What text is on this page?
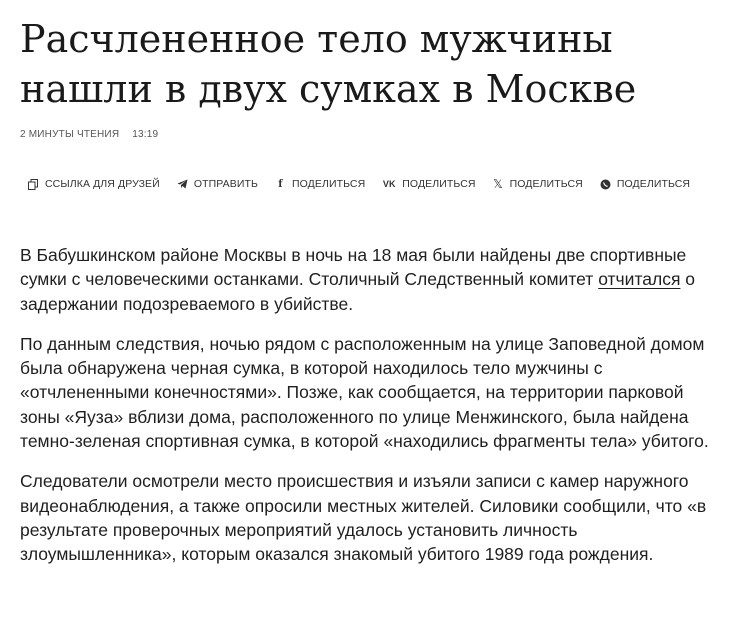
Расчлененное тело мужчины нашли в двух сумках в Москве
2 МИНУТЫ ЧТЕНИЯ 13:19
ССЫЛКА ДЛЯ ДРУЗЕЙ	ОТПРАВИТЬ	f ПОДЕЛИТЬСЯ VK ПОДЕЛИТЬСЯ 𝕏 ПОДЕЛИТЬСЯ	ПОДЕЛИТЬСЯ

В Бабушкинском районе Москвы в ночь на 18 мая были найдены две спортивные сумки с человеческими останками. Столичный Следственный комитет отчитался о задержании подозреваемого в убийстве.

По данным следствия, ночью рядом с расположенным на улице Заповедной домом была обнаружена черная сумка, в которой находилось тело мужчины с «отчлененными конечностями». Позже, как сообщается, на территории парковой зоны «Яуза» вблизи дома, расположенного по улице Менжинского, была найдена темно-зеленая спортивная сумка, в которой «находились фрагменты тела» убитого.

Следователи осмотрели место происшествия и изъяли записи с камер наружного видеонаблюдения, а также опросили местных жителей. Силовики сообщили, что «в результате проверочных мероприятий удалось установить личность злоумышленника», которым оказался знакомый убитого 1989 года рождения.
